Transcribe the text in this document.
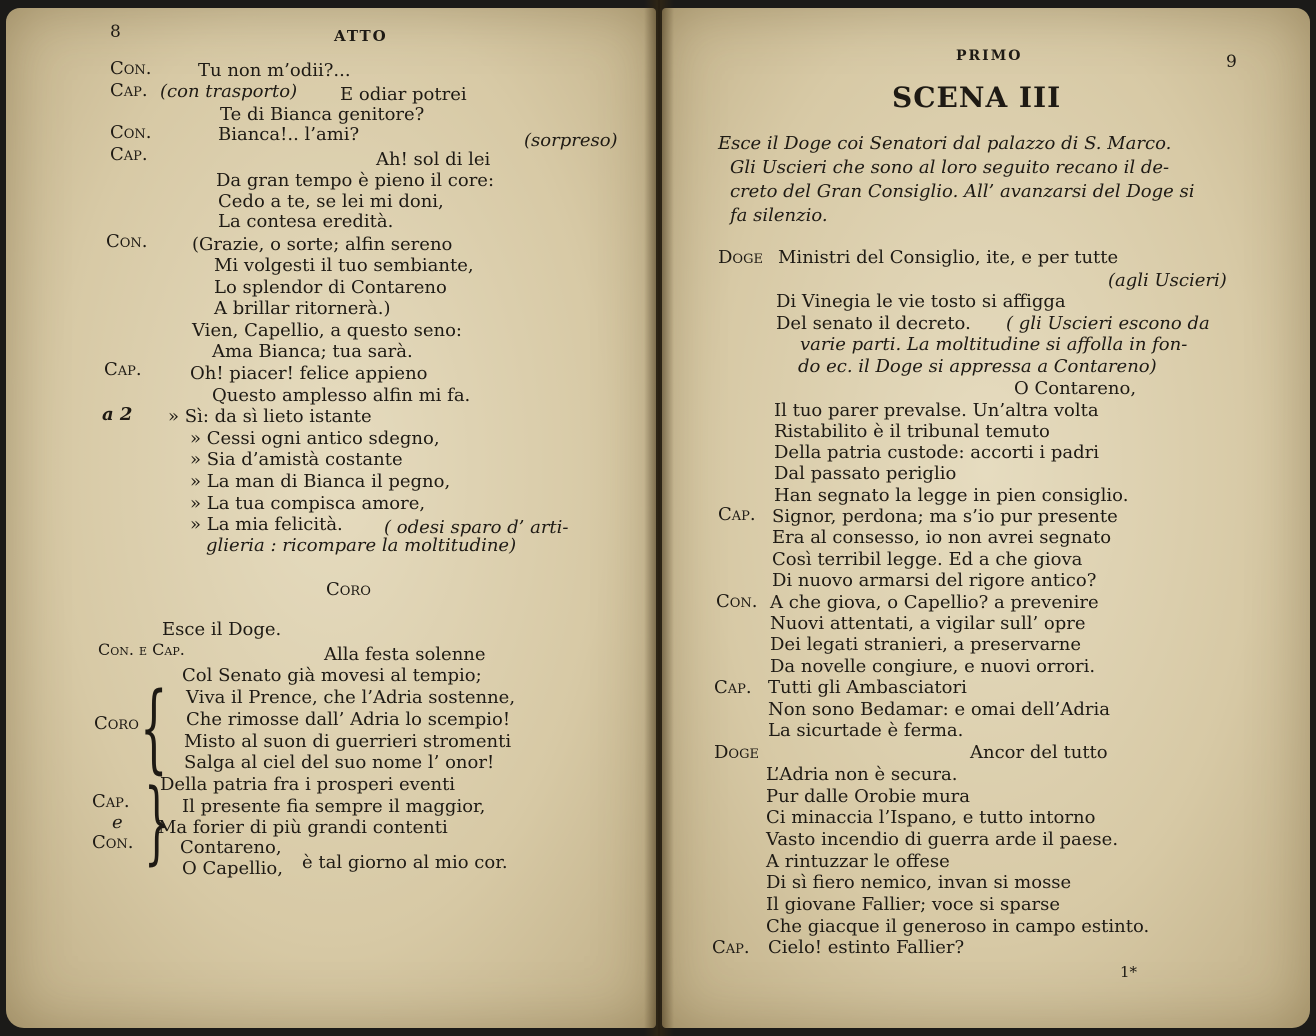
8	ATTO
Con.	Tu non m’odii?...
Cap. (con trasporto) E odiar potrei
Te di Bianca genitore?
Con.	Bianca!.. l’ami?	(sorpreso)
Cap.	Ah! sol di lei
Da gran tempo è pieno il core:
Cedo a te, se lei mi doni,
La contesa eredità.
Con. (Grazie, o sorte; alfin sereno
Mi volgesti il tuo sembiante,
Lo splendor di Contareno
A brillar ritornerà.)
Vien, Capellio, a questo seno:
Ama Bianca; tua sarà.
Cap.	Oh! piacer! felice appieno
Questo amplesso alfin mi fa.
a 2 » Sì: da sì lieto istante
» Cessi ogni antico sdegno,
» Sia d’amistà costante
» La man di Bianca il pegno,
» La tua compisca amore,
» La mia felicità. ( odesi sparo d’ arti-
glieria : ricompare la moltitudine)
Coro
Esce il Doge.
Con. e Cap.	Alla festa solenne
Col Senato già movesi al tempio;
{
Coro
Viva il Prence, che l’Adria sostenne,
Che rimosse dall’ Adria lo scempio!
Misto al suon di guerrieri stromenti
Salga al ciel del suo nome l’ onor!
}
Cap.
e
Con.
Della patria fra i prosperi eventi
Il presente fia sempre il maggior,
Ma forier di più grandi contenti
Contareno,
O Capellio, è tal giorno al mio cor.
PRIMO	9
SCENA III
Esce il Doge coi Senatori dal palazzo di S. Marco.
Gli Uscieri che sono al loro seguito recano il de-
creto del Gran Consiglio. All’ avanzarsi del Doge si
fa silenzio.
Doge Ministri del Consiglio, ite, e per tutte
(agli Uscieri)
Di Vinegia le vie tosto si affigga
Del senato il decreto. ( gli Uscieri escono da
varie parti. La moltitudine si affolla in fon-
do ec. il Doge si appressa a Contareno)
O Contareno,
Il tuo parer prevalse. Un’altra volta
Ristabilito è il tribunal temuto
Della patria custode: accorti i padri
Dal passato periglio
Han segnato la legge in pien consiglio.
Cap. Signor, perdona; ma s’io pur presente
Era al consesso, io non avrei segnato
Così terribil legge. Ed a che giova
Di nuovo armarsi del rigore antico?
Con. A che giova, o Capellio? a prevenire
Nuovi attentati, a vigilar sull’ opre
Dei legati stranieri, a preservarne
Da novelle congiure, e nuovi orrori.
Cap. Tutti gli Ambasciatori
Non sono Bedamar: e omai dell’Adria
La sicurtade è ferma.
Doge	Ancor del tutto
L’Adria non è secura.
Pur dalle Orobie mura
Ci minaccia l’Ispano, e tutto intorno
Vasto incendio di guerra arde il paese.
A rintuzzar le offese
Di sì fiero nemico, invan si mosse
Il giovane Fallier; voce si sparse
Che giacque il generoso in campo estinto.
Cap. Cielo! estinto Fallier?
1*
